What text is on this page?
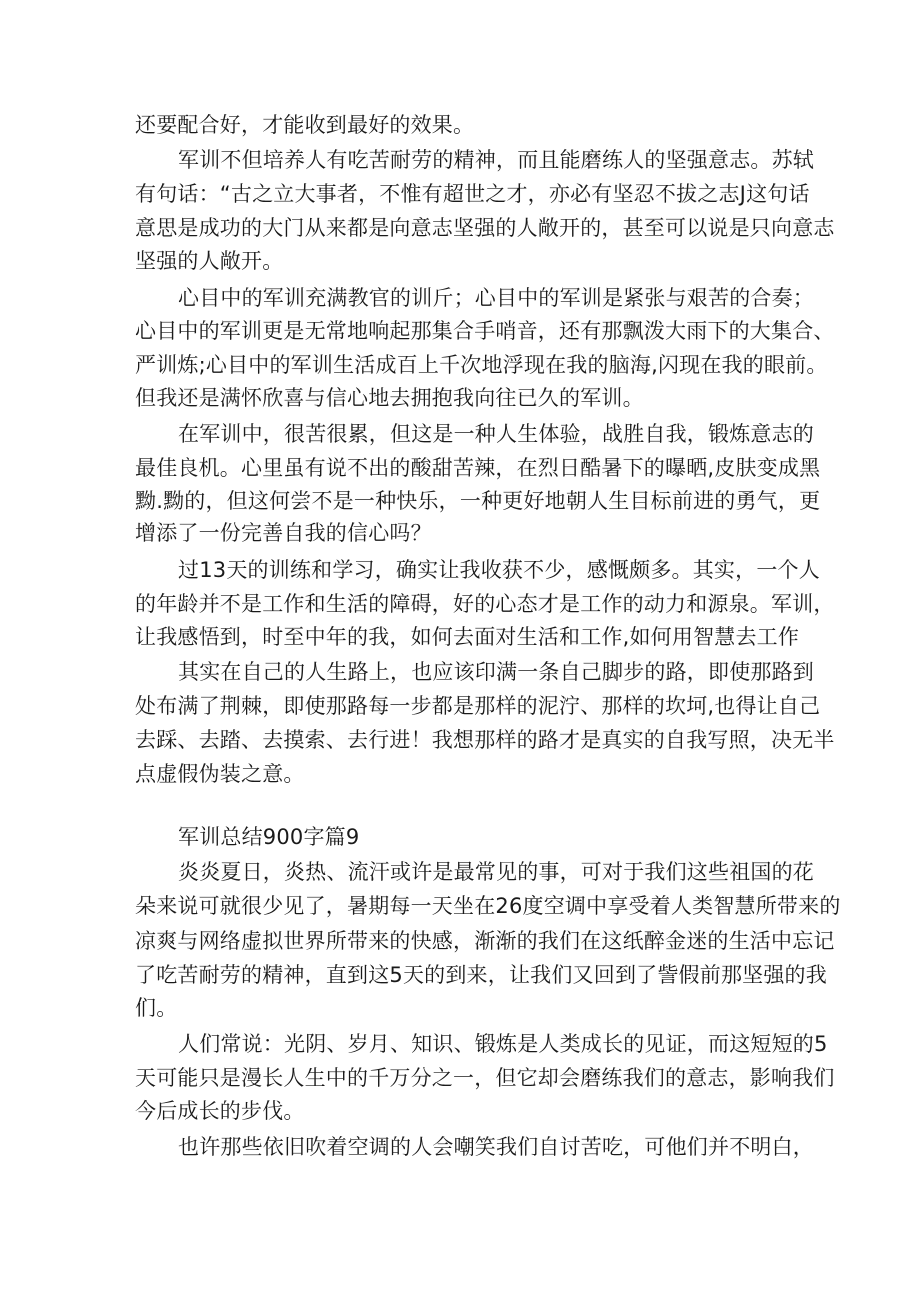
还要配合好，才能收到最好的效果。
军训不但培养人有吃苦耐劳的精神，而且能磨练人的坚强意志。苏轼
有句话：“古之立大事者，不惟有超世之才，亦必有坚忍不拔之志J这句话
意思是成功的大门从来都是向意志坚强的人敞开的，甚至可以说是只向意志
坚强的人敞开。
心目中的军训充满教官的训斤；心目中的军训是紧张与艰苦的合奏；
心目中的军训更是无常地响起那集合手哨音，还有那飘泼大雨下的大集合、
严训炼;心目中的军训生活成百上千次地浮现在我的脑海,闪现在我的眼前。
但我还是满怀欣喜与信心地去拥抱我向往已久的军训。
在军训中，很苦很累，但这是一种人生体验，战胜自我，锻炼意志的
最佳良机。心里虽有说不出的酸甜苦辣，在烈日酷暑下的曝晒,皮肤变成黑
黝.黝的，但这何尝不是一种快乐，一种更好地朝人生目标前进的勇气，更
增添了一份完善自我的信心吗？
过13天的训练和学习，确实让我收获不少，感慨颇多。其实，一个人
的年龄并不是工作和生活的障碍，好的心态才是工作的动力和源泉。军训，
让我感悟到，时至中年的我，如何去面对生活和工作,如何用智慧去工作
其实在自己的人生路上，也应该印满一条自己脚步的路，即使那路到
处布满了荆棘，即使那路每一步都是那样的泥泞、那样的坎坷,也得让自己
去踩、去踏、去摸索、去行进！我想那样的路才是真实的自我写照，决无半
点虚假伪装之意。
军训总结900字篇9
炎炎夏日，炎热、流汗或许是最常见的事，可对于我们这些祖国的花
朵来说可就很少见了，暑期每一天坐在26度空调中享受着人类智慧所带来的
凉爽与网络虚拟世界所带来的快感，渐渐的我们在这纸醉金迷的生活中忘记
了吃苦耐劳的精神，直到这5天的到来，让我们又回到了訾假前那坚强的我
们。
人们常说：光阴、岁月、知识、锻炼是人类成长的见证，而这短短的5
天可能只是漫长人生中的千万分之一，但它却会磨练我们的意志，影响我们
今后成长的步伐。
也许那些依旧吹着空调的人会嘲笑我们自讨苦吃，可他们并不明白，
